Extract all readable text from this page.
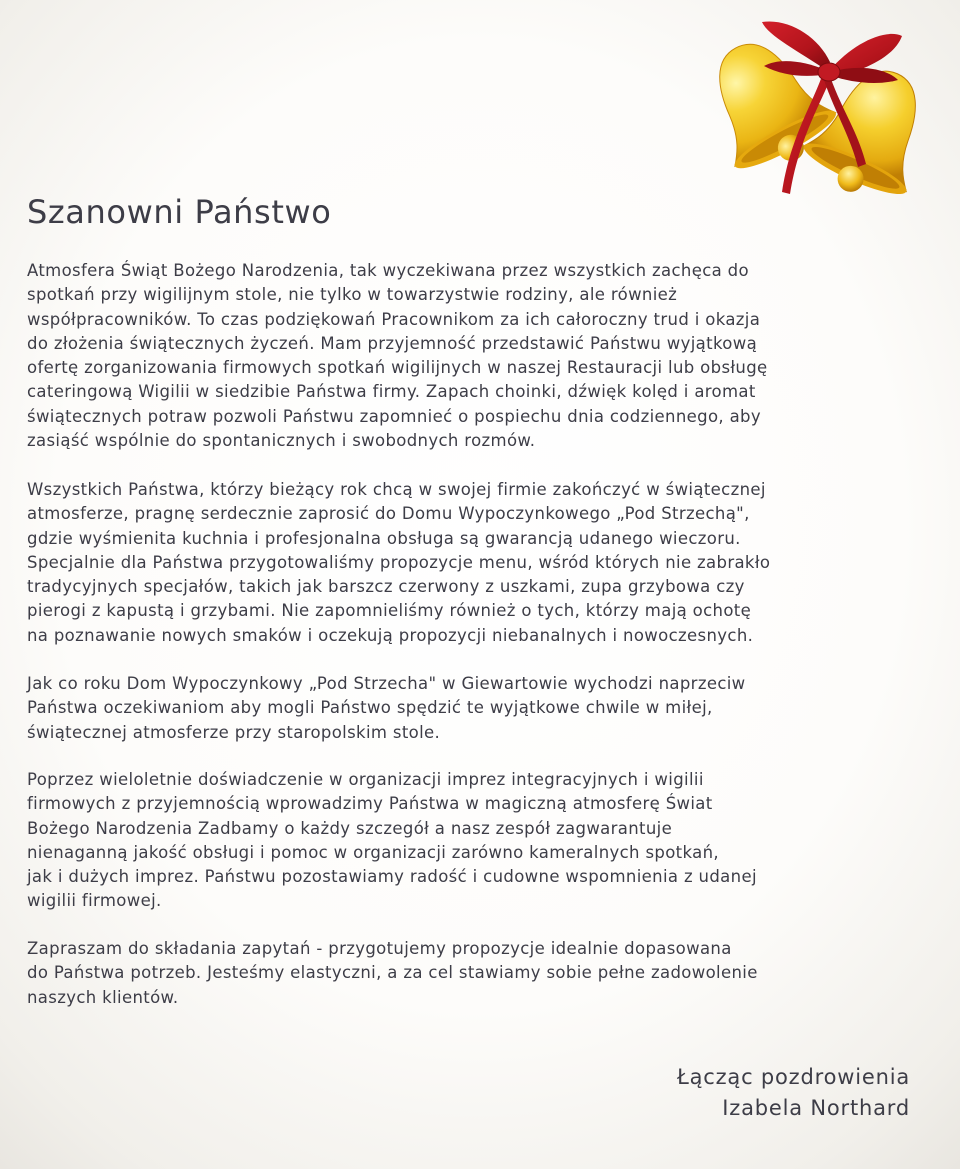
Szanowni Państwo

Atmosfera Świąt Bożego Narodzenia, tak wyczekiwana przez wszystkich zachęca do
spotkań przy wigilijnym stole, nie tylko w towarzystwie rodziny, ale również
współpracowników. To czas podziękowań Pracownikom za ich całoroczny trud i okazja
do złożenia świątecznych życzeń. Mam przyjemność przedstawić Państwu wyjątkową
ofertę zorganizowania firmowych spotkań wigilijnych w naszej Restauracji lub obsługę
cateringową Wigilii w siedzibie Państwa firmy. Zapach choinki, dźwięk kolęd i aromat
świątecznych potraw pozwoli Państwu zapomnieć o pospiechu dnia codziennego, aby
zasiąść wspólnie do spontanicznych i swobodnych rozmów.

Wszystkich Państwa, którzy bieżący rok chcą w swojej firmie zakończyć w świątecznej
atmosferze, pragnę serdecznie zaprosić do Domu Wypoczynkowego „Pod Strzechą",
gdzie wyśmienita kuchnia i profesjonalna obsługa są gwarancją udanego wieczoru.
Specjalnie dla Państwa przygotowaliśmy propozycje menu, wśród których nie zabrakło
tradycyjnych specjałów, takich jak barszcz czerwony z uszkami, zupa grzybowa czy
pierogi z kapustą i grzybami. Nie zapomnieliśmy również o tych, którzy mają ochotę
na poznawanie nowych smaków i oczekują propozycji niebanalnych i nowoczesnych.

Jak co roku Dom Wypoczynkowy „Pod Strzecha" w Giewartowie wychodzi naprzeciw
Państwa oczekiwaniom aby mogli Państwo spędzić te wyjątkowe chwile w miłej,
świątecznej atmosferze przy staropolskim stole.

Poprzez wieloletnie doświadczenie w organizacji imprez integracyjnych i wigilii
firmowych z przyjemnością wprowadzimy Państwa w magiczną atmosferę Świat
Bożego Narodzenia Zadbamy o każdy szczegół a nasz zespół zagwarantuje
nienaganną jakość obsługi i pomoc w organizacji zarówno kameralnych spotkań,
jak i dużych imprez. Państwu pozostawiamy radość i cudowne wspomnienia z udanej
wigilii firmowej.

Zapraszam do składania zapytań - przygotujemy propozycje idealnie dopasowana
do Państwa potrzeb. Jesteśmy elastyczni, a za cel stawiamy sobie pełne zadowolenie
naszych klientów.

Łącząc pozdrowienia
Izabela Northard
